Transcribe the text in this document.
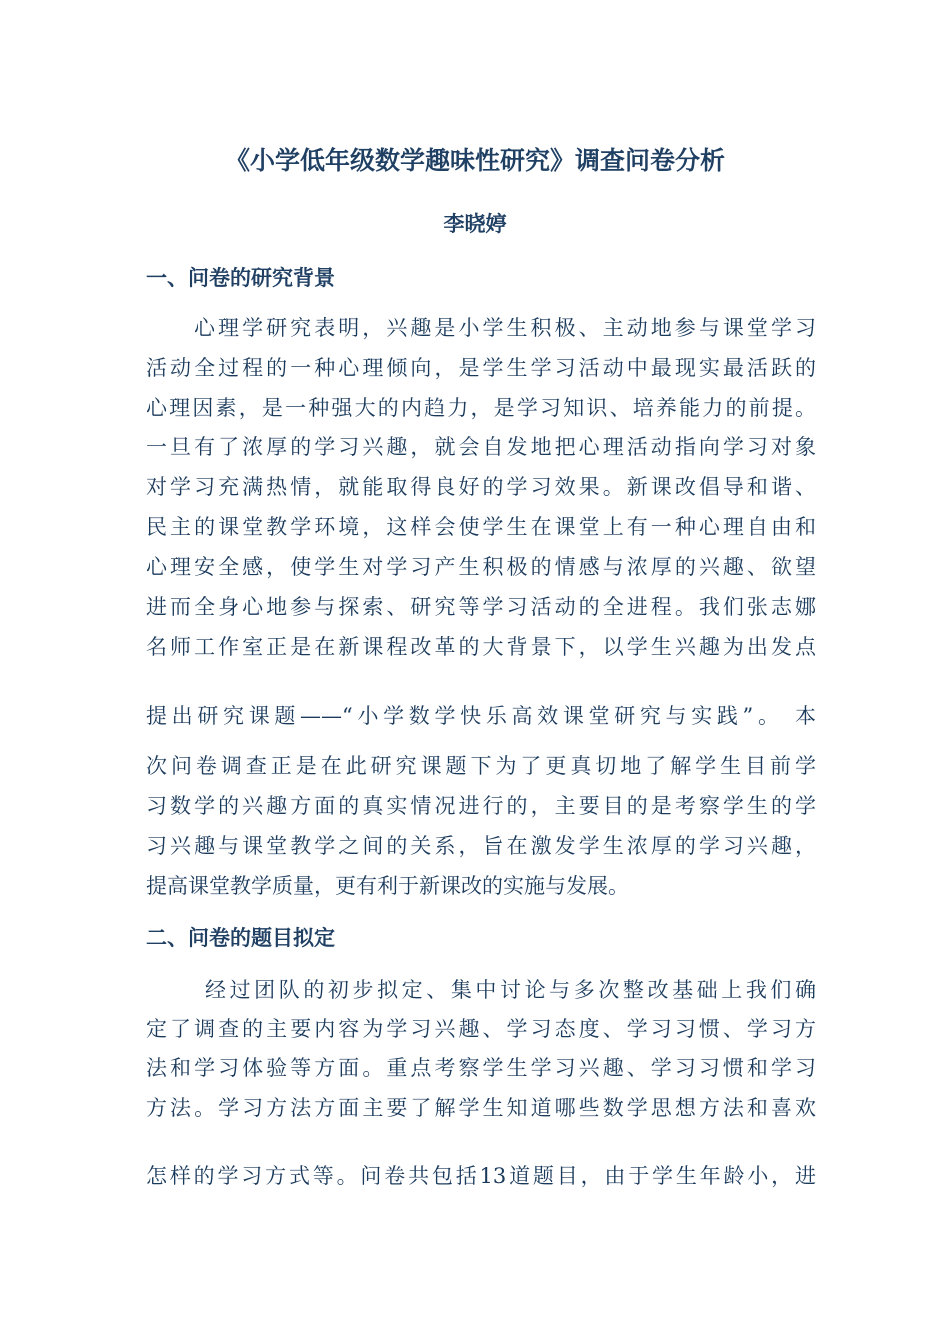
《小学低年级数学趣味性研究》调查问卷分析
李晓婷
一、问卷的研究背景
心理学研究表明，兴趣是小学生积极、主动地参与课堂学习
活动全过程的一种心理倾向，是学生学习活动中最现实最活跃的
心理因素，是一种强大的内趋力，是学习知识、培养能力的前提。
一旦有了浓厚的学习兴趣，就会自发地把心理活动指向学习对象
对学习充满热情，就能取得良好的学习效果。新课改倡导和谐、
民主的课堂教学环境，这样会使学生在课堂上有一种心理自由和
心理安全感，使学生对学习产生积极的情感与浓厚的兴趣、欲望
进而全身心地参与探索、研究等学习活动的全进程。我们张志娜
名师工作室正是在新课程改革的大背景下，以学生兴趣为出发点
提出研究课题——“小学数学快乐高效课堂研究与实践”。 本
次问卷调查正是在此研究课题下为了更真切地了解学生目前学
习数学的兴趣方面的真实情况进行的，主要目的是考察学生的学
习兴趣与课堂教学之间的关系，旨在激发学生浓厚的学习兴趣，
提高课堂教学质量，更有利于新课改的实施与发展。
二、问卷的题目拟定
经过团队的初步拟定、集中讨论与多次整改基础上我们确
定了调查的主要内容为学习兴趣、学习态度、学习习惯、学习方
法和学习体验等方面。重点考察学生学习兴趣、学习习惯和学习
方法。学习方法方面主要了解学生知道哪些数学思想方法和喜欢
怎样的学习方式等。问卷共包括13道题目，由于学生年龄小，进
